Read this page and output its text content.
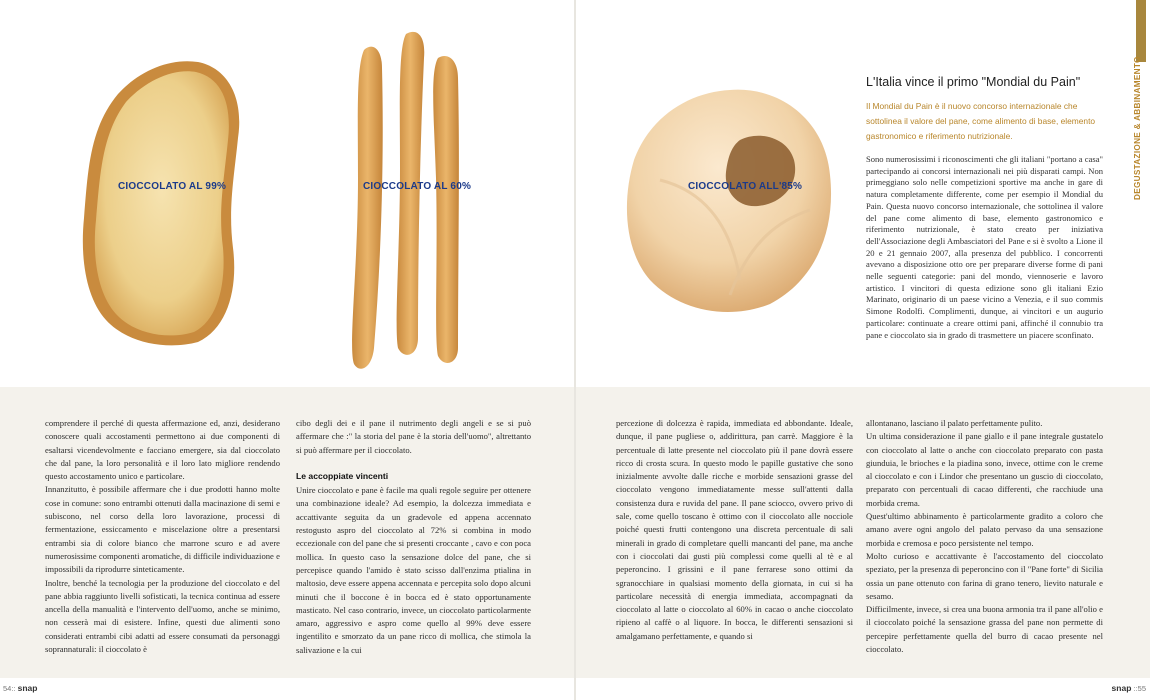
CIOCCOLATO AL 99%	CIOCCOLATO AL 60%	CIOCCOLATO ALL'85%	DEGUSTAZIONE & ABBINAMENTO
L'Italia vince il primo "Mondial du Pain"

Il Mondial du Pain è il nuovo concorso internazionale che sottolinea il valore del pane, come alimento di base, elemento gastronomico e riferimento nutrizionale.

Sono numerosissimi i riconoscimenti che gli italiani "portano a casa" partecipando ai concorsi internazionali nei più disparati campi. Non primeggiano solo nelle competizioni sportive ma anche in gare di natura completamente differente, come per esempio il Mondial du Pain. Questa nuovo concorso internazionale, che sottolinea il valore del pane come alimento di base, elemento gastronomico e riferimento nutrizionale, è stato creato per iniziativa dell'Associazione degli Ambasciatori del Pane e si è svolto a Lione il 20 e 21 gennaio 2007, alla presenza del pubblico. I concorrenti avevano a disposizione otto ore per preparare diverse forme di pani nelle seguenti categorie: pani del mondo, viennoserie e lavoro artistico. I vincitori di questa edizione sono gli italiani Ezio Marinato, originario di un paese vicino a Venezia, e il suo commis Simone Rodolfi. Complimenti, dunque, ai vincitori e un augurio particolare: continuate a creare ottimi pani, affinché il connubio tra pane e cioccolato sia in grado di trasmettere un piacere sconfinato.

comprendere il perché di questa affermazione ed, anzi, desiderano conoscere quali accostamenti permettono ai due componenti di esaltarsi vicendevolmente e facciano emergere, sia dal cioccolato che dal pane, la loro personalità e il loro lato migliore rendendo questo accostamento unico e particolare.

Innanzitutto, è possibile affermare che i due prodotti hanno molte cose in comune: sono entrambi ottenuti dalla macinazione di semi e subiscono, nel corso della loro lavorazione, processi di fermentazione, essiccamento e miscelazione oltre a presentarsi entrambi sia di colore bianco che marrone scuro e ad avere numerosissime componenti aromatiche, di difficile individuazione e impossibili da riprodurre sinteticamente.

Inoltre, benché la tecnologia per la produzione del cioccolato e del pane abbia raggiunto livelli sofisticati, la tecnica continua ad essere ancella della manualità e l'intervento dell'uomo, anche se minimo, non cesserà mai di esistere. Infine, questi due alimenti sono considerati entrambi cibi adatti ad essere consumati da personaggi soprannaturali: il cioccolato è

cibo degli dei e il pane il nutrimento degli angeli e se si può affermare che :" la storia del pane è la storia dell'uomo", altrettanto si può affermare per il cioccolato.

Le accoppiate vincenti

Unire cioccolato e pane è facile ma quali regole seguire per ottenere una combinazione ideale? Ad esempio, la dolcezza immediata e accattivante seguita da un gradevole ed appena accennato restogusto aspro del cioccolato al 72% si combina in modo eccezionale con del pane che si presenti croccante , cavo e con poca mollica. In questo caso la sensazione dolce del pane, che si percepisce quando l'amido è stato scisso dall'enzima ptialina in maltosio, deve essere appena accennata e percepita solo dopo alcuni minuti che il boccone è in bocca ed è stato opportunamente masticato. Nel caso contrario, invece, un cioccolato particolarmente amaro, aggressivo e aspro come quello al 99% deve essere ingentilito e smorzato da un pane ricco di mollica, che stimola la salivazione e la cui

percezione di dolcezza è rapida, immediata ed abbondante. Ideale, dunque, il pane pugliese o, addirittura, pan carrè. Maggiore è la percentuale di latte presente nel cioccolato più il pane dovrà essere ricco di crosta scura. In questo modo le papille gustative che sono inizialmente avvolte dalle ricche e morbide sensazioni grasse del cioccolato vengono immediatamente messe sull'attenti dalla consistenza dura e ruvida del pane. Il pane sciocco, ovvero privo di sale, come quello toscano è ottimo con il cioccolato alle nocciole poiché questi frutti contengono una discreta percentuale di sali minerali in grado di completare quelli mancanti del pane, ma anche con i cioccolati dai gusti più complessi come quelli al tè e al peperoncino. I grissini e il pane ferrarese sono ottimi da sgranocchiare in qualsiasi momento della giornata, in cui si ha particolare necessità di energia immediata, accompagnati da cioccolato al latte o cioccolato al 60% in cacao o anche cioccolato ripieno al caffè o al liquore. In bocca, le differenti sensazioni si amalgamano perfettamente, e quando si

allontanano, lasciano il palato perfettamente pulito.

Un ultima considerazione il pane giallo e il pane integrale gustatelo con cioccolato al latte o anche con cioccolato preparato con pasta giunduia, le brioches e la piadina sono, invece, ottime con le creme al cioccolato e con i Lindor che presentano un guscio di cioccolato, preparato con percentuali di cacao differenti, che racchiude una morbida crema.

Quest'ultimo abbinamento è particolarmente gradito a coloro che amano avere ogni angolo del palato pervaso da una sensazione morbida e cremosa e poco persistente nel tempo.

Molto curioso e accattivante è l'accostamento del cioccolato speziato, per la presenza di peperoncino con il "Pane forte" di Sicilia ossia un pane ottenuto con farina di grano tenero, lievito naturale e sesamo.

Difficilmente, invece, si crea una buona armonia tra il pane all'olio e il cioccolato poiché la sensazione grassa del pane non permette di percepire perfettamente quella del burro di cacao presente nel cioccolato.

54:: snap	snap ::55
